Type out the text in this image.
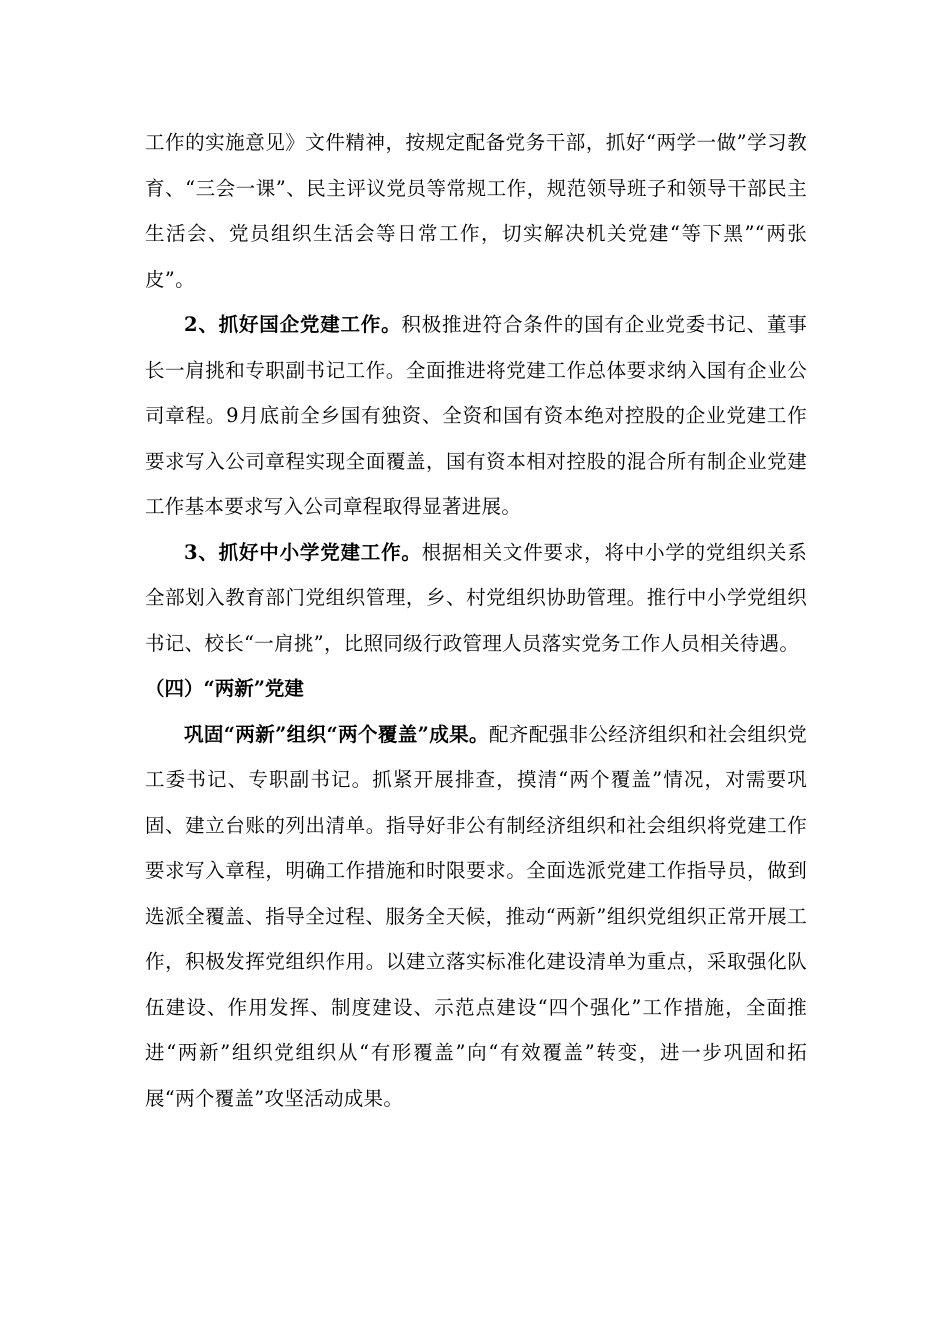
工作的实施意见》文件精神，按规定配备党务干部，抓好“两学一做”学习教育、“三会一课”、民主评议党员等常规工作，规范领导班子和领导干部民主生活会、党员组织生活会等日常工作，切实解决机关党建“等下黑”“两张皮”。

2、抓好国企党建工作。积极推进符合条件的国有企业党委书记、董事长一肩挑和专职副书记工作。全面推进将党建工作总体要求纳入国有企业公司章程。9月底前全乡国有独资、全资和国有资本绝对控股的企业党建工作要求写入公司章程实现全面覆盖，国有资本相对控股的混合所有制企业党建工作基本要求写入公司章程取得显著进展。

3、抓好中小学党建工作。根据相关文件要求，将中小学的党组织关系全部划入教育部门党组织管理，乡、村党组织协助管理。推行中小学党组织书记、校长“一肩挑”，比照同级行政管理人员落实党务工作人员相关待遇。

（四）“两新”党建

巩固“两新”组织“两个覆盖”成果。配齐配强非公经济组织和社会组织党工委书记、专职副书记。抓紧开展排查，摸清“两个覆盖”情况，对需要巩固、建立台账的列出清单。指导好非公有制经济组织和社会组织将党建工作要求写入章程，明确工作措施和时限要求。全面选派党建工作指导员，做到选派全覆盖、指导全过程、服务全天候，推动“两新”组织党组织正常开展工作，积极发挥党组织作用。以建立落实标准化建设清单为重点，采取强化队伍建设、作用发挥、制度建设、示范点建设“四个强化”工作措施，全面推进“两新”组织党组织从“有形覆盖”向“有效覆盖”转变，进一步巩固和拓展“两个覆盖”攻坚活动成果。
